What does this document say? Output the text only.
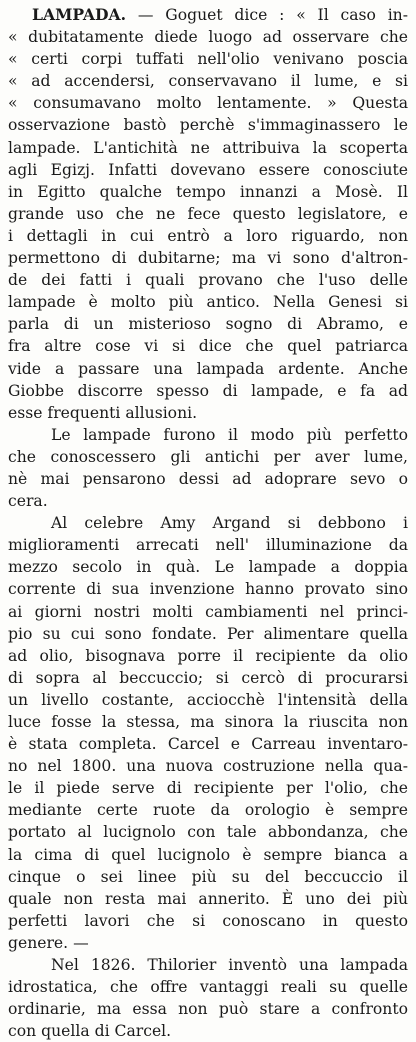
LAMPADA. — Goguet dice : « Il caso in-
« dubitatamente diede luogo ad osservare che
« certi corpi tuffati nell'olio venivano poscia
« ad accendersi, conservavano il lume, e si
« consumavano molto lentamente. » Questa
osservazione bastò perchè s'immaginassero le
lampade. L'antichità ne attribuiva la scoperta
agli Egizj. Infatti dovevano essere conosciute
in Egitto qualche tempo innanzi a Mosè. Il
grande uso che ne fece questo legislatore, e
i dettagli in cui entrò a loro riguardo, non
permettono di dubitarne; ma vi sono d'altron-
de dei fatti i quali provano che l'uso delle
lampade è molto più antico. Nella Genesi si
parla di un misterioso sogno di Abramo, e
fra altre cose vi si dice che quel patriarca
vide a passare una lampada ardente. Anche
Giobbe discorre spesso di lampade, e fa ad
esse frequenti allusioni.
Le lampade furono il modo più perfetto
che conoscessero gli antichi per aver lume,
nè mai pensarono dessi ad adoprare sevo o
cera.
Al celebre Amy Argand si debbono i
miglioramenti arrecati nell' illuminazione da
mezzo secolo in quà. Le lampade a doppia
corrente di sua invenzione hanno provato sino
ai giorni nostri molti cambiamenti nel princi-
pio su cui sono fondate. Per alimentare quella
ad olio, bisognava porre il recipiente da olio
di sopra al beccuccio; si cercò di procurarsi
un livello costante, acciocchè l'intensità della
luce fosse la stessa, ma sinora la riuscita non
è stata completa. Carcel e Carreau inventaro-
no nel 1800. una nuova costruzione nella qua-
le il piede serve di recipiente per l'olio, che
mediante certe ruote da orologio è sempre
portato al lucignolo con tale abbondanza, che
la cima di quel lucignolo è sempre bianca a
cinque o sei linee più su del beccuccio il
quale non resta mai annerito. È uno dei più
perfetti lavori che si conoscano in questo
genere. —
Nel 1826. Thilorier inventò una lampada
idrostatica, che offre vantaggi reali su quelle
ordinarie, ma essa non può stare a confronto
con quella di Carcel.
